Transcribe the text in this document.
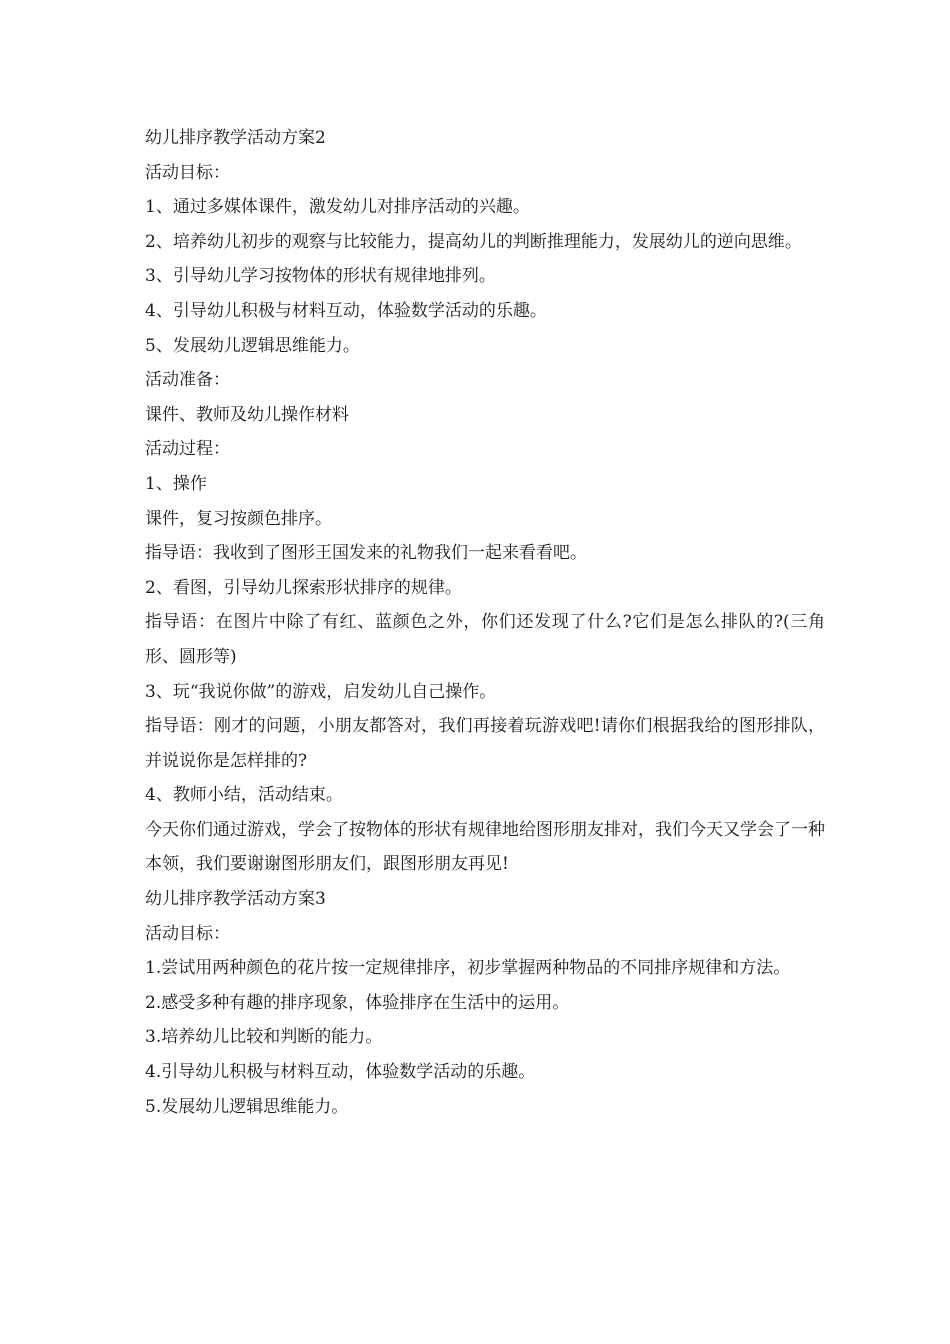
幼儿排序教学活动方案2

活动目标：

1、通过多媒体课件，激发幼儿对排序活动的兴趣。

2、培养幼儿初步的观察与比较能力，提高幼儿的判断推理能力，发展幼儿的逆向思维。

3、引导幼儿学习按物体的形状有规律地排列。

4、引导幼儿积极与材料互动，体验数学活动的乐趣。

5、发展幼儿逻辑思维能力。

活动准备：

课件、教师及幼儿操作材料

活动过程：

1、操作

课件，复习按颜色排序。

指导语：我收到了图形王国发来的礼物我们一起来看看吧。

2、看图，引导幼儿探索形状排序的规律。

指导语：在图片中除了有红、蓝颜色之外，你们还发现了什么?它们是怎么排队的?(三角形、圆形等)

3、玩“我说你做”的游戏，启发幼儿自己操作。

指导语：刚才的问题，小朋友都答对，我们再接着玩游戏吧!请你们根据我给的图形排队，并说说你是怎样排的?

4、教师小结，活动结束。

今天你们通过游戏，学会了按物体的形状有规律地给图形朋友排对，我们今天又学会了一种本领，我们要谢谢图形朋友们，跟图形朋友再见!

幼儿排序教学活动方案3

活动目标：

1.尝试用两种颜色的花片按一定规律排序，初步掌握两种物品的不同排序规律和方法。

2.感受多种有趣的排序现象，体验排序在生活中的运用。

3.培养幼儿比较和判断的能力。

4.引导幼儿积极与材料互动，体验数学活动的乐趣。

5.发展幼儿逻辑思维能力。
